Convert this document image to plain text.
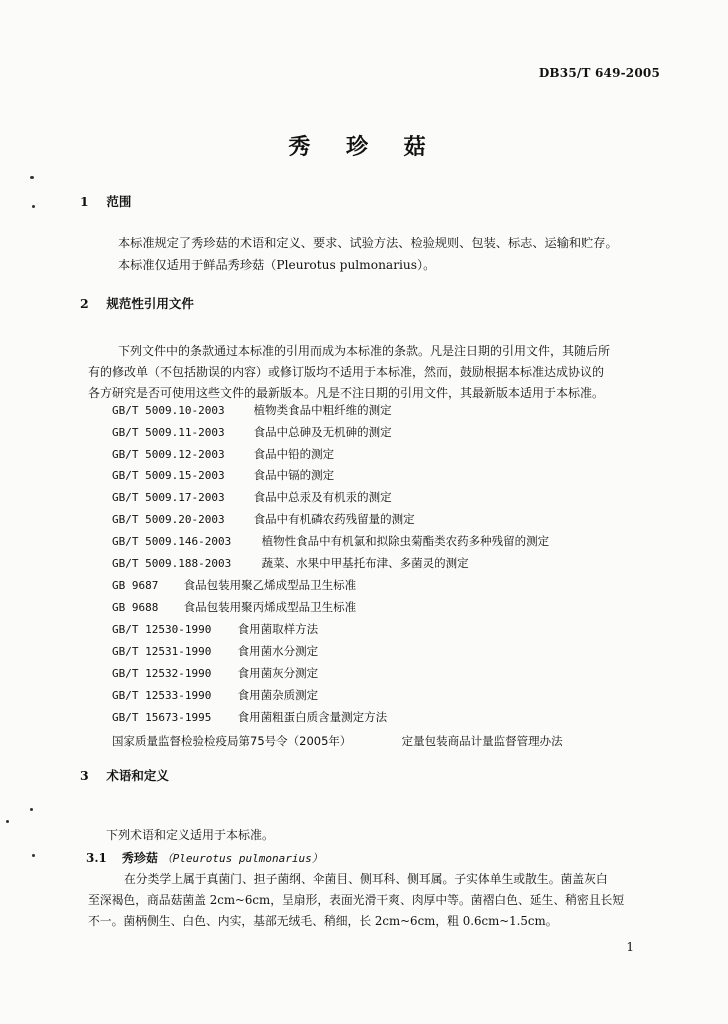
DB35/T 649-2005
秀 珍 菇
1 范围
本标准规定了秀珍菇的术语和定义、要求、试验方法、检验规则、包装、标志、运输和贮存。
本标准仅适用于鲜品秀珍菇（Pleurotus pulmonarius）。
2 规范性引用文件
下列文件中的条款通过本标准的引用而成为本标准的条款。凡是注日期的引用文件，其随后所
有的修改单（不包括勘误的内容）或修订版均不适用于本标准，然而，鼓励根据本标准达成协议的
各方研究是否可使用这些文件的最新版本。凡是不注日期的引用文件，其最新版本适用于本标准。
GB/T 5009.10-2003	植物类食品中粗纤维的测定
GB/T 5009.11-2003	食品中总砷及无机砷的测定
GB/T 5009.12-2003	食品中铅的测定
GB/T 5009.15-2003	食品中镉的测定
GB/T 5009.17-2003	食品中总汞及有机汞的测定
GB/T 5009.20-2003	食品中有机磷农药残留量的测定
GB/T 5009.146-2003	植物性食品中有机氯和拟除虫菊酯类农药多种残留的测定
GB/T 5009.188-2003	蔬菜、水果中甲基托布津、多菌灵的测定
GB 9687 食品包装用聚乙烯成型品卫生标准
GB 9688 食品包装用聚丙烯成型品卫生标准
GB/T 12530-1990 食用菌取样方法
GB/T 12531-1990 食用菌水分测定
GB/T 12532-1990 食用菌灰分测定
GB/T 12533-1990 食用菌杂质测定
GB/T 15673-1995 食用菌粗蛋白质含量测定方法
国家质量监督检验检疫局第75号令（2005年）	定量包装商品计量监督管理办法
3 术语和定义
下列术语和定义适用于本标准。
3.1 秀珍菇 （Pleurotus pulmonarius）
在分类学上属于真菌门、担子菌纲、伞菌目、侧耳科、侧耳属。子实体单生或散生。菌盖灰白
至深褐色，商品菇菌盖 2cm~6cm，呈扇形，表面光滑干爽、肉厚中等。菌褶白色、延生、稍密且长短
不一。菌柄侧生、白色、内实，基部无绒毛、稍细，长 2cm~6cm，粗 0.6cm~1.5cm。
1
